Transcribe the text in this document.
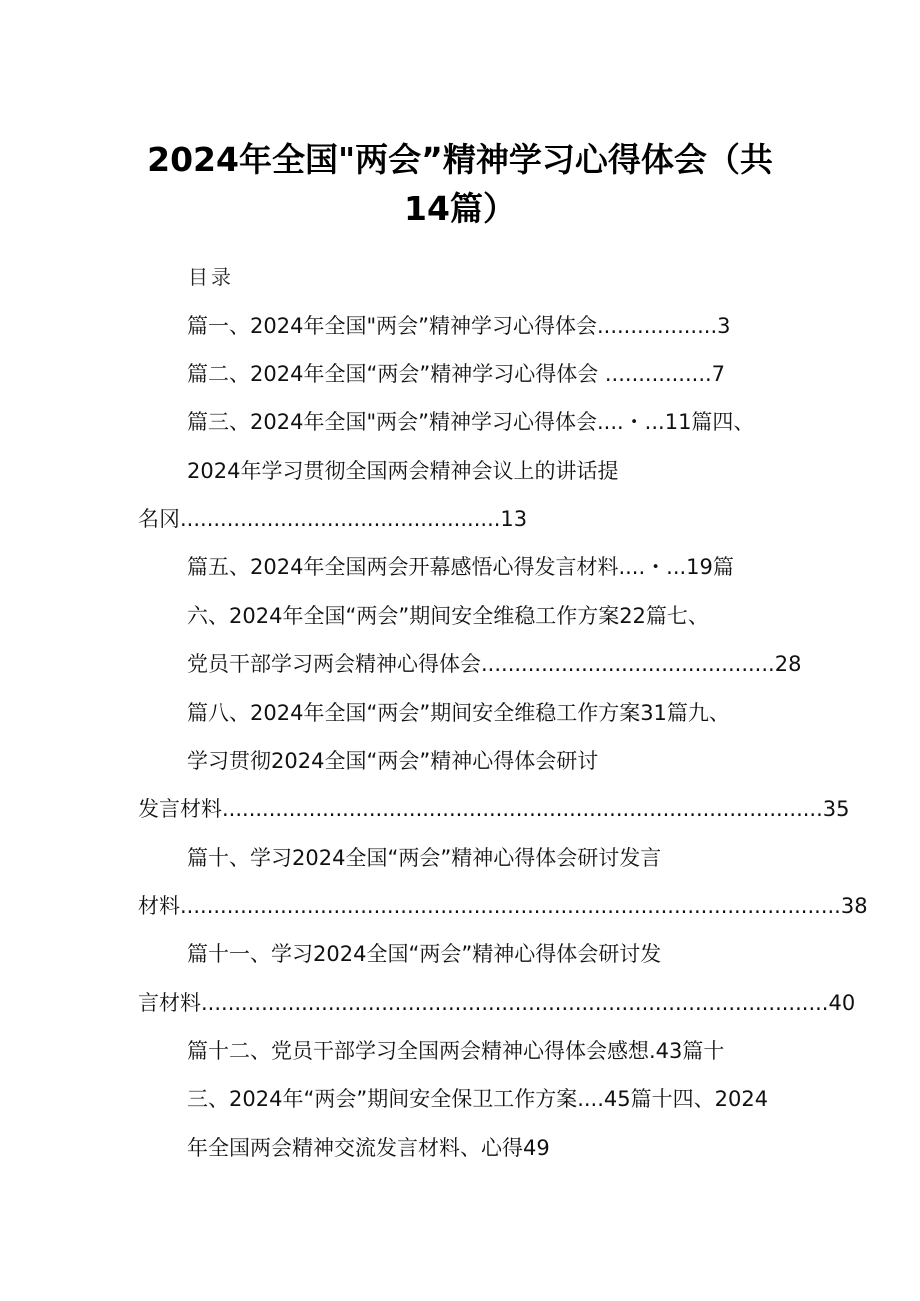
2024年全国"两会”精神学习心得体会（共
14篇）
目录
篇一、2024年全国"两会”精神学习心得体会..................3
篇二、2024年全国“两会”精神学习心得体会 ................7
篇三、2024年全国"两会”精神学习心得体会....・...11篇四、
2024年学习贯彻全国两会精神会议上的讲话提
名冈................................................13
篇五、2024年全国两会开幕感悟心得发言材料....・...19篇
六、2024年全国“两会”期间安全维稳工作方案22篇七、
党员干部学习两会精神心得体会............................................28
篇八、2024年全国“两会”期间安全维稳工作方案31篇九、
学习贯彻2024全国“两会”精神心得体会研讨
发言材料..........................................................................................35
篇十、学习2024全国“两会”精神心得体会研讨发言
材料...................................................................................................38
篇十一、学习2024全国“两会”精神心得体会研讨发
言材料..............................................................................................40
篇十二、党员干部学习全国两会精神心得体会感想.43篇十
三、2024年“两会”期间安全保卫工作方案....45篇十四、2024
年全国两会精神交流发言材料、心得49
